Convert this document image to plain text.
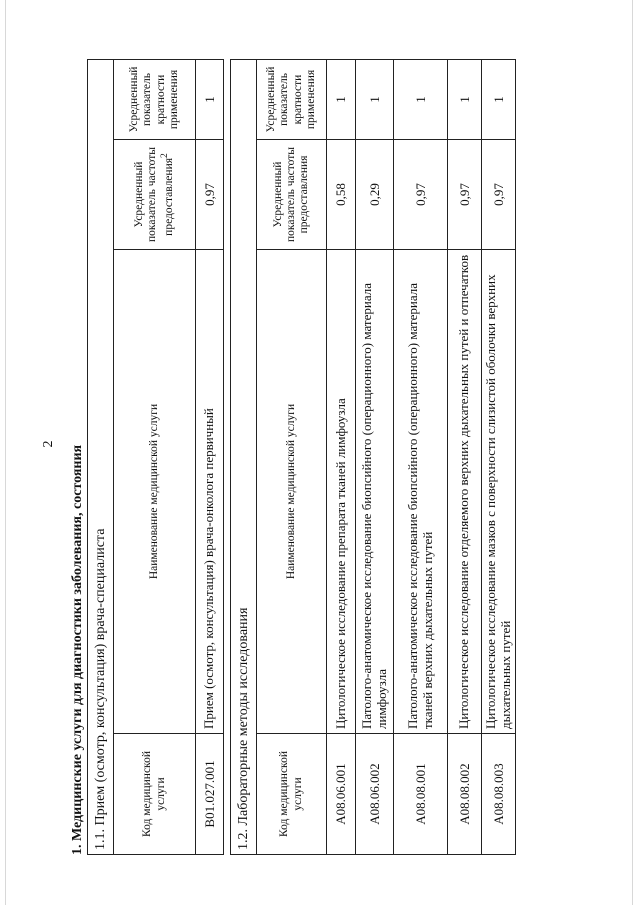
2
1. Медицинские услуги для диагностики заболевания, состояния 1.1. Прием (осмотр, консультация) врача-специалиста			
Код медицинской услуги	Наименование медицинской услуги	Усредненный показатель частоты предоставления$^2$	Усредненный показатель кратности применения
B01.027.001	Прием (осмотр, консультация) врача-онколога первичный	0,97	1
1.2. Лабораторные методы исследования			
Код медицинской услуги	Наименование медицинской услуги	Усредненный показатель частоты предоставления	Усредненный показатель кратности применения
A08.06.001	Цитологическое исследование препарата тканей лимфоузла	0,58	1
A08.06.002	Патолого-анатомическое исследование биопсийного (операционного) материала лимфоузла	0,29	1
A08.08.001	Патолого-анатомическое исследование биопсийного (операционного) материала тканей верхних дыхательных путей	0,97	1
A08.08.002	Цитологическое исследование отделяемого верхних дыхательных путей и отпечатков	0,97	1
A08.08.003	Цитологическое исследование мазков с поверхности слизистой оболочки верхних дыхательных путей	0,97	1
